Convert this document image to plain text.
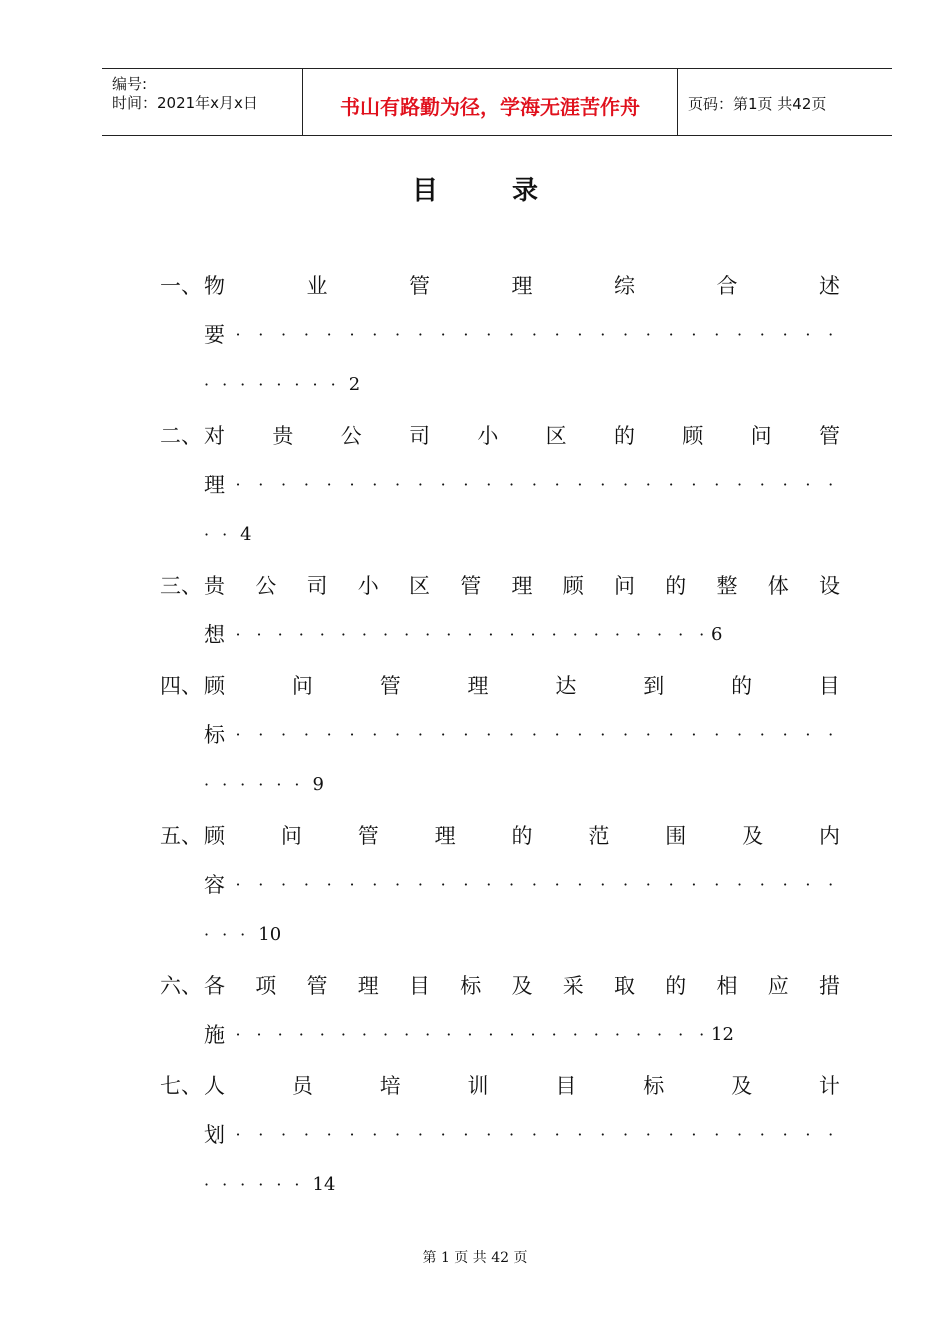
编号:
时间：2021年x月x日	书山有路勤为径，学海无涯苦作舟	页码：第1页 共42页
目录
一、 物	业	管	理	综	合	述
要 · · · · · · · · · · · · · · · · · · · · · · · · · · ·
········ 2
二、 对 贵 公 司 小 区 的 顾 问 管
理 · · · · · · · · · · · · · · · · · · · · · · · · · · ·
·· 4
三、 贵 公 司 小 区 管 理 顾 问 的 整 体 设
想 · · · · · · · · · · · · · · · · · · · · · · · 6
四、 顾	问	管	理	达	到	的	目
标 · · · · · · · · · · · · · · · · · · · · · · · · · · ·
······ 9
五、 顾	问	管	理	的	范	围	及	内
容 · · · · · · · · · · · · · · · · · · · · · · · · · · ·
··· 10
六、 各 项 管 理 目 标 及 采 取 的 相 应 措
施 · · · · · · · · · · · · · · · · · · · · · · · 12
七、 人	员	培	训	目	标	及	计
划 · · · · · · · · · · · · · · · · · · · · · · · · · · ·
······ 14
第 1 页 共 42 页
